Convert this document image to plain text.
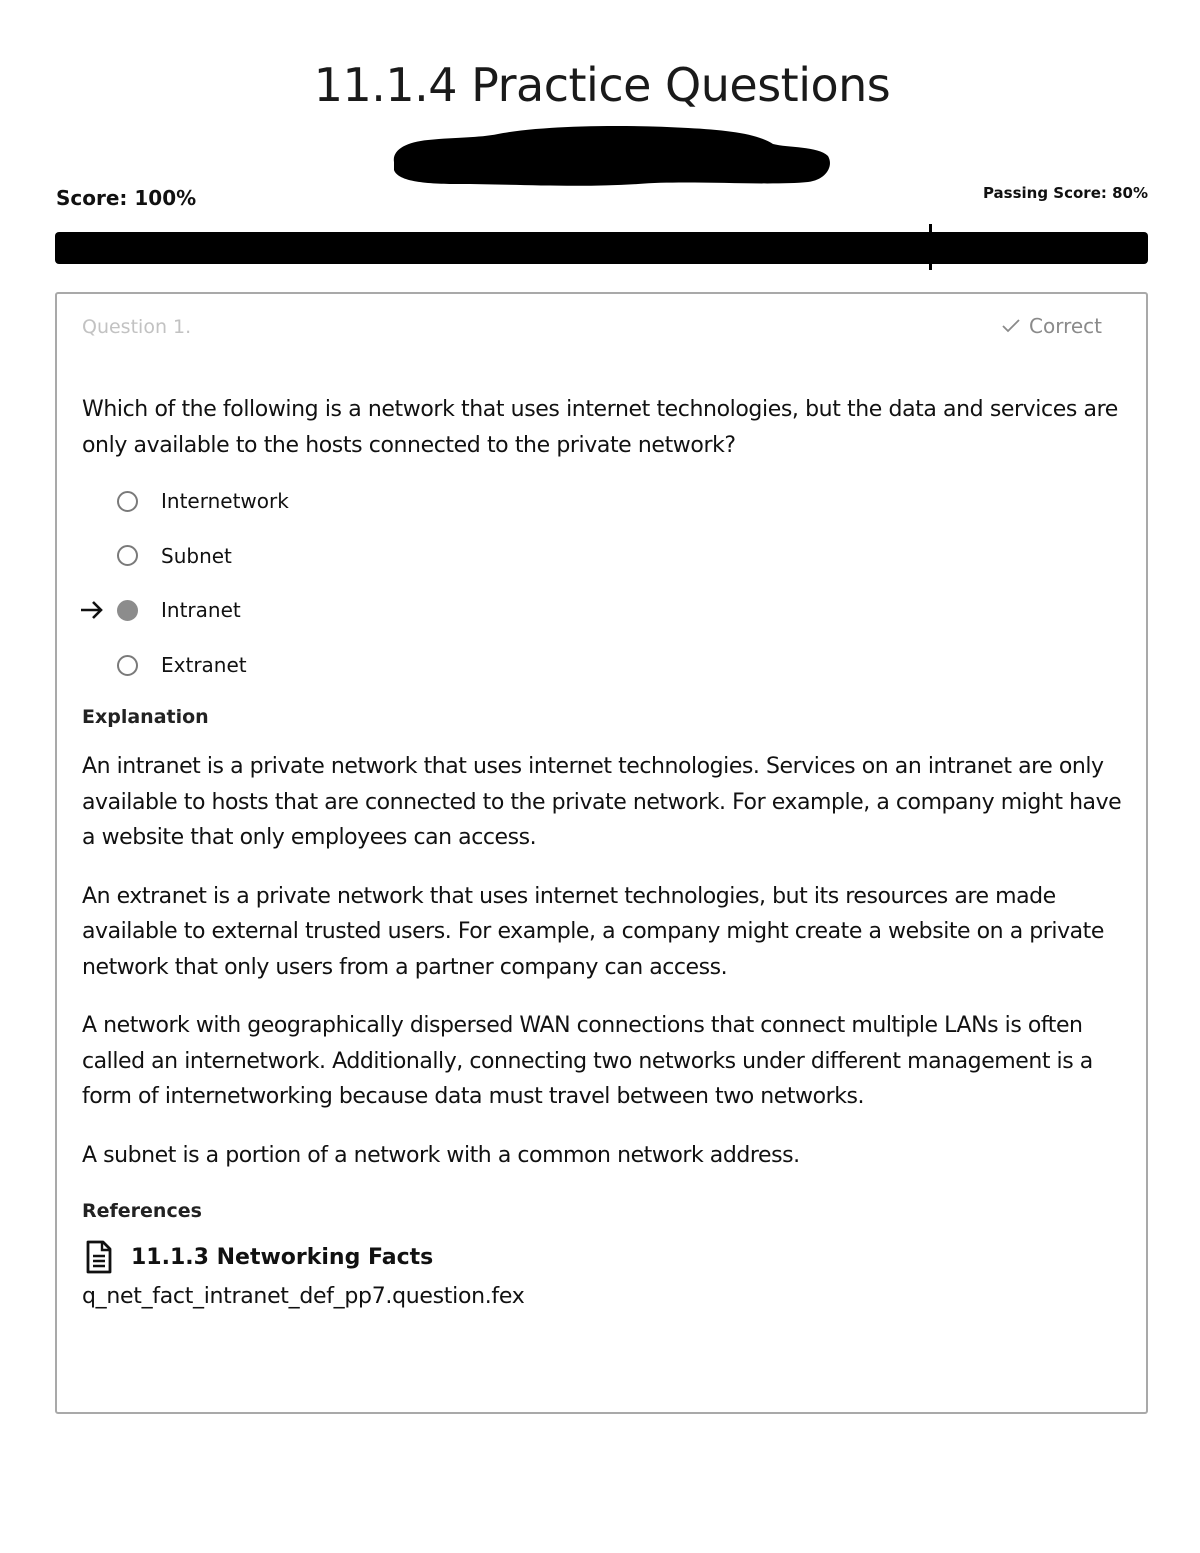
11.1.4 Practice Questions
Score: 100%	Passing Score: 80%
Question 1.	Correct
Which of the following is a network that uses internet technologies, but the data and services are only available to the hosts connected to the private network?
Internetwork
Subnet
Intranet
Extranet
Explanation

An intranet is a private network that uses internet technologies. Services on an intranet are only available to hosts that are connected to the private network. For example, a company might have a website that only employees can access.

An extranet is a private network that uses internet technologies, but its resources are made available to external trusted users. For example, a company might create a website on a private network that only users from a partner company can access.

A network with geographically dispersed WAN connections that connect multiple LANs is often called an internetwork. Additionally, connecting two networks under different management is a form of internetworking because data must travel between two networks.

A subnet is a portion of a network with a common network address.

References
11.1.3 Networking Facts
q_net_fact_intranet_def_pp7.question.fex
